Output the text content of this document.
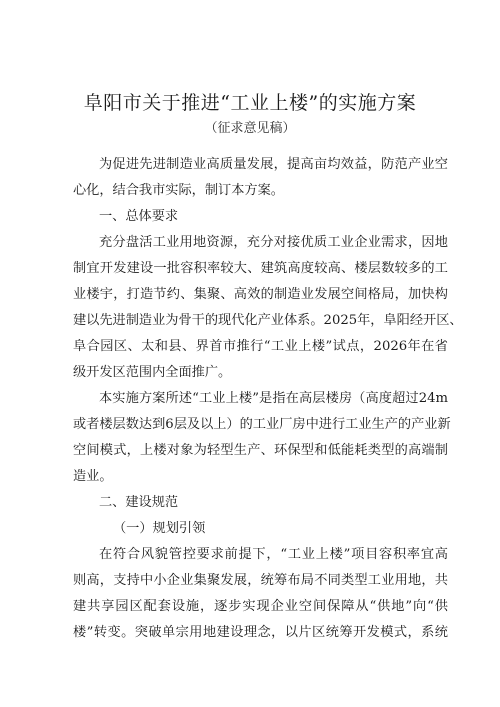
阜阳市关于推进“工业上楼”的实施方案
（征求意见稿）
为促进先进制造业高质量发展，提高亩均效益，防范产业空
心化，结合我市实际，制订本方案。
一、总体要求
充分盘活工业用地资源，充分对接优质工业企业需求，因地
制宜开发建设一批容积率较大、建筑高度较高、楼层数较多的工
业楼宇，打造节约、集聚、高效的制造业发展空间格局，加快构
建以先进制造业为骨干的现代化产业体系。2025年，阜阳经开区、
阜合园区、太和县、界首市推行“工业上楼”试点，2026年在省
级开发区范围内全面推广。
本实施方案所述“工业上楼”是指在高层楼房（高度超过24m
或者楼层数达到6层及以上）的工业厂房中进行工业生产的产业新
空间模式，上楼对象为轻型生产、环保型和低能耗类型的高端制
造业。
二、建设规范
（一）规划引领
在符合风貌管控要求前提下，“工业上楼”项目容积率宜高
则高，支持中小企业集聚发展，统筹布局不同类型工业用地，共
建共享园区配套设施，逐步实现企业空间保障从“供地”向“供
楼”转变。突破单宗用地建设理念，以片区统筹开发模式，系统
